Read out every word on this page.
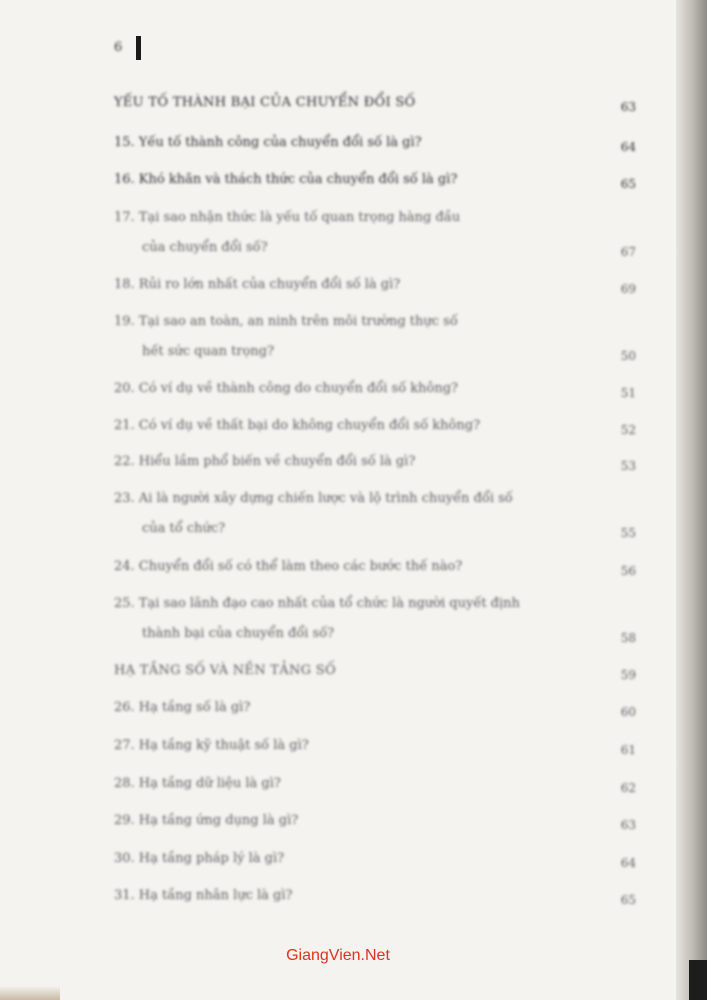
6
YẾU TỐ THÀNH BẠI CỦA CHUYỂN ĐỔI SỐ	63
15. Yếu tố thành công của chuyển đổi số là gì?	64
16. Khó khăn và thách thức của chuyển đổi số là gì?	65
17. Tại sao nhận thức là yếu tố quan trọng hàng đầu
của chuyển đổi số?	67
18. Rủi ro lớn nhất của chuyển đổi số là gì?	69
19. Tại sao an toàn, an ninh trên môi trường thực số
hết sức quan trọng?	50
20. Có ví dụ về thành công do chuyển đổi số không?	51
21. Có ví dụ về thất bại do không chuyển đổi số không?	52
22. Hiểu lầm phổ biến về chuyển đổi số là gì?	53
23. Ai là người xây dựng chiến lược và lộ trình chuyển đổi số
của tổ chức?	55
24. Chuyển đổi số có thể làm theo các bước thế nào?	56
25. Tại sao lãnh đạo cao nhất của tổ chức là người quyết định
thành bại của chuyển đổi số?	58
HẠ TẦNG SỐ VÀ NỀN TẢNG SỐ	59
26. Hạ tầng số là gì?	60
27. Hạ tầng kỹ thuật số là gì?	61
28. Hạ tầng dữ liệu là gì?	62
29. Hạ tầng ứng dụng là gì?	63
30. Hạ tầng pháp lý là gì?	64
31. Hạ tầng nhân lực là gì?	65
GiangVien.Net
